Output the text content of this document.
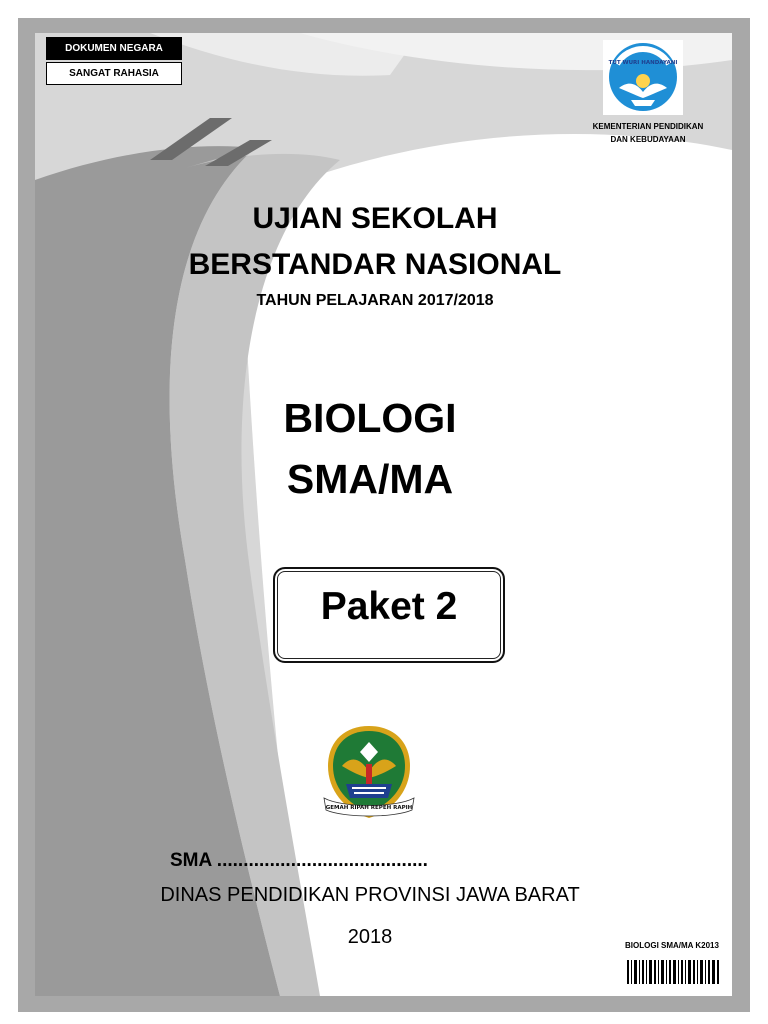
DOKUMEN NEGARA
SANGAT RAHASIA
TUT WURI HANDAYANI
KEMENTERIAN PENDIDIKAN
DAN KEBUDAYAAN
UJIAN SEKOLAH
BERSTANDAR NASIONAL
TAHUN PELAJARAN 2017/2018
BIOLOGI
SMA/MA
Paket 2
GEMAH RIPAH REPEH RAPIH
SMA ........................................
DINAS PENDIDIKAN PROVINSI JAWA BARAT
2018	BIOLOGI SMA/MA K2013
